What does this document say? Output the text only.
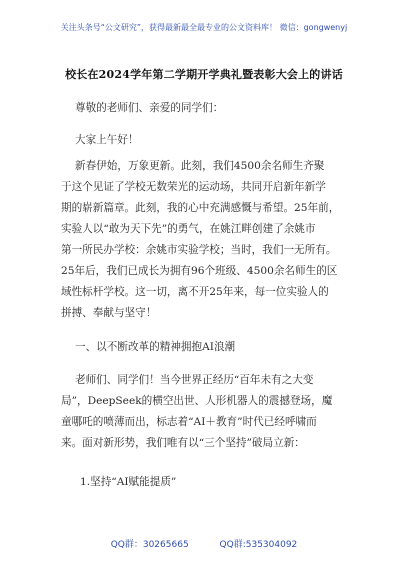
关注头条号“公文研究”，获得最新最全最专业的公文资料库！ 微信：gongwenyj
校长在2024学年第二学期开学典礼暨表彰大会上的讲话
尊敬的老师们、亲爱的同学们：
大家上午好！
新春伊始，万象更新。此刻，我们4500余名师生齐聚
于这个见证了学校无数荣光的运动场，共同开启新年新学
期的崭新篇章。此刻，我的心中充满感慨与希望。25年前，
实验人以“敢为天下先”的勇气，在姚江畔创建了余姚市
第一所民办学校：余姚市实验学校；当时，我们一无所有。
25年后，我们已成长为拥有96个班级、4500余名师生的区
域性标杆学校。这一切，离不开25年来，每一位实验人的
拼搏、奉献与坚守！
一、以不断改革的精神拥抱AI浪潮
老师们、同学们！当今世界正经历“百年未有之大变
局”，DeepSeek的横空出世、人形机器人的震撼登场，魔
童哪吒的喷薄而出，标志着“AI＋教育”时代已经呼啸而
来。面对新形势，我们唯有以“三个坚持”破局立新：
1.坚持“AI赋能提质”
QQ群：30265665	QQ群:535304092
